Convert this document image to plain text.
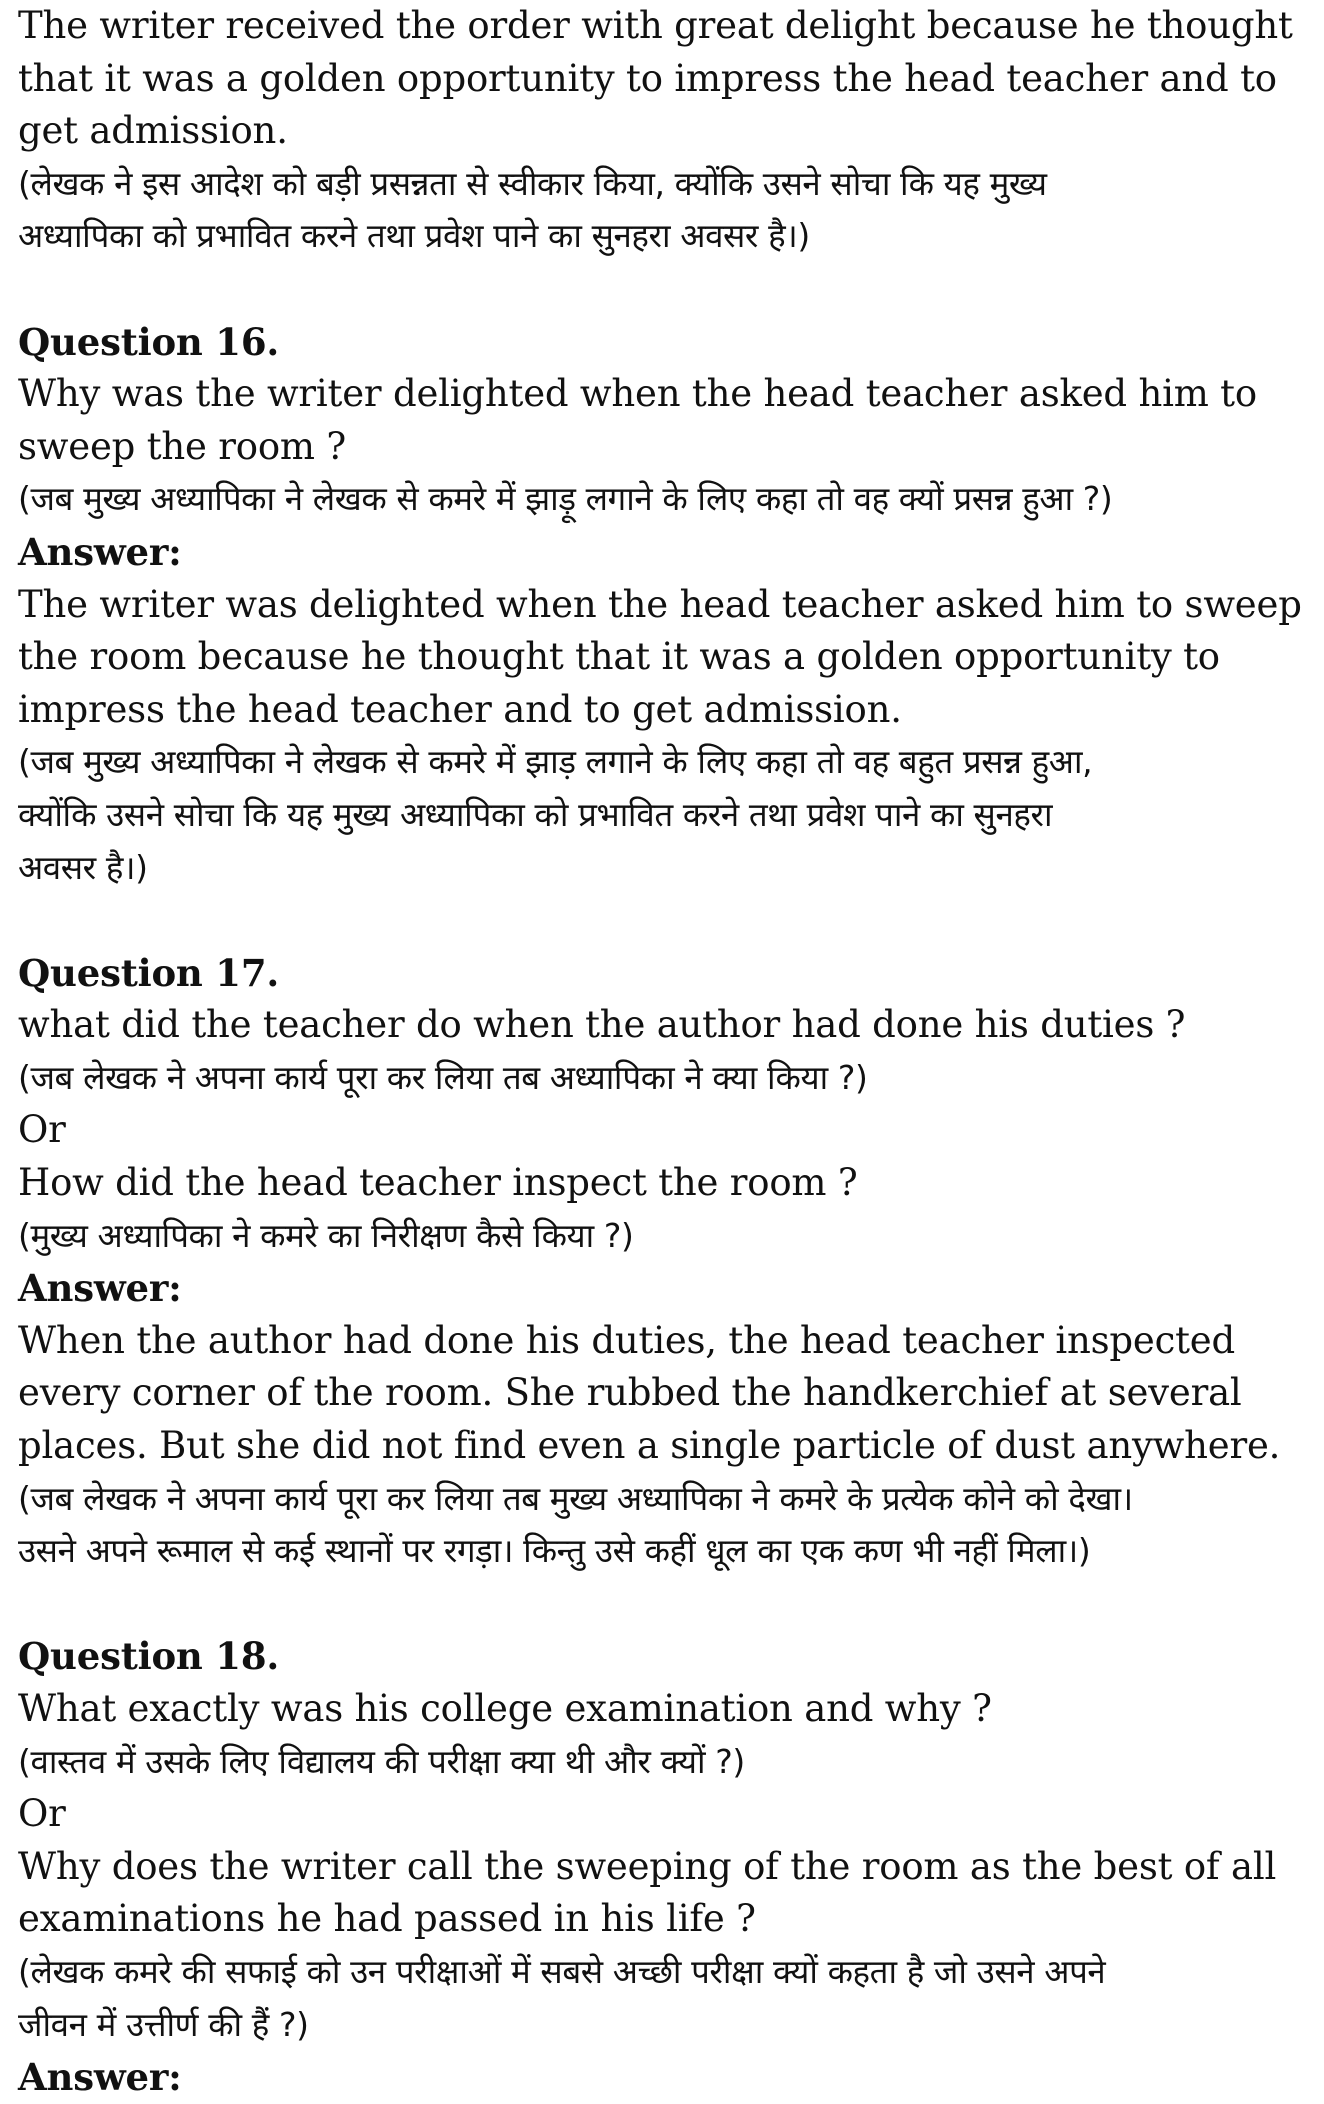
The writer received the order with great delight because he thought
that it was a golden opportunity to impress the head teacher and to
get admission.
(लेखक ने इस आदेश को बड़ी प्रसन्नता से स्वीकार किया, क्योंकि उसने सोचा कि यह मुख्य
अध्यापिका को प्रभावित करने तथा प्रवेश पाने का सुनहरा अवसर है।)
Question 16.
Why was the writer delighted when the head teacher asked him to
sweep the room ?
(जब मुख्य अध्यापिका ने लेखक से कमरे में झाड़ू लगाने के लिए कहा तो वह क्यों प्रसन्न हुआ ?)
Answer:
The writer was delighted when the head teacher asked him to sweep
the room because he thought that it was a golden opportunity to
impress the head teacher and to get admission.
(जब मुख्य अध्यापिका ने लेखक से कमरे में झाड़ लगाने के लिए कहा तो वह बहुत प्रसन्न हुआ,
क्योंकि उसने सोचा कि यह मुख्य अध्यापिका को प्रभावित करने तथा प्रवेश पाने का सुनहरा
अवसर है।)
Question 17.
what did the teacher do when the author had done his duties ?
(जब लेखक ने अपना कार्य पूरा कर लिया तब अध्यापिका ने क्या किया ?)
Or
How did the head teacher inspect the room ?
(मुख्य अध्यापिका ने कमरे का निरीक्षण कैसे किया ?)
Answer:
When the author had done his duties, the head teacher inspected
every corner of the room. She rubbed the handkerchief at several
places. But she did not find even a single particle of dust anywhere.
(जब लेखक ने अपना कार्य पूरा कर लिया तब मुख्य अध्यापिका ने कमरे के प्रत्येक कोने को देखा।
उसने अपने रूमाल से कई स्थानों पर रगड़ा। किन्तु उसे कहीं धूल का एक कण भी नहीं मिला।)
Question 18.
What exactly was his college examination and why ?
(वास्तव में उसके लिए विद्यालय की परीक्षा क्या थी और क्यों ?)
Or
Why does the writer call the sweeping of the room as the best of all
examinations he had passed in his life ?
(लेखक कमरे की सफाई को उन परीक्षाओं में सबसे अच्छी परीक्षा क्यों कहता है जो उसने अपने
जीवन में उत्तीर्ण की हैं ?)
Answer:
